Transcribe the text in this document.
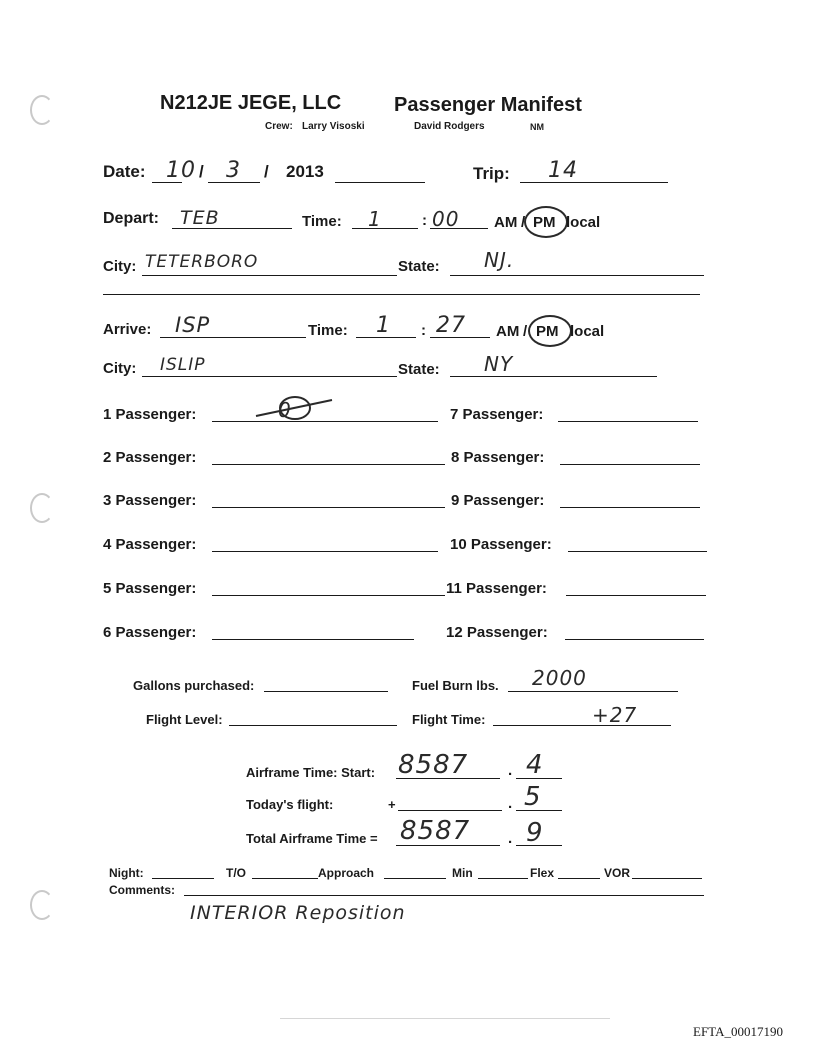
N212JE JEGE, LLC	Passenger Manifest
Crew: Larry Visoski	David Rodgers	NM
Date: 10 / 3 / 2013	Trip: 14
Depart: TEB	Time: 1	: 00 AM / PM local
City: TETERBORO	State: NJ.
Arrive: ISP	Time: 1 : 27 AM / PM local
City: ISLIP	State: NY
1 Passenger:	7 Passenger:
2 Passenger:	8 Passenger:
3 Passenger:	9 Passenger:
4 Passenger:	10 Passenger:
5 Passenger:	11 Passenger:
6 Passenger:	12 Passenger:
0
Gallons purchased:	Fuel Burn lbs. 2000
Flight Level:	Flight Time:	+27
Airframe Time: Start: 8587	. 4
Today's flight:	+	. 5
Total Airframe Time = 8587	. 9
Night:	T/O	Approach	Min	Flex	VOR
Comments:
INTERIOR Reposition
EFTA_00017190
